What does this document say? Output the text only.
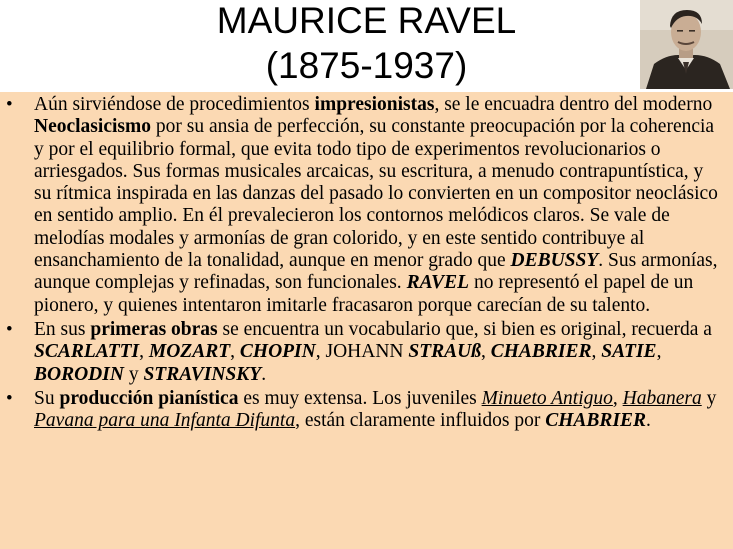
MAURICE RAVEL
(1875-1937)
• Aún sirviéndose de procedimientos impresionistas, se le encuadra dentro del moderno Neoclasicismo por su ansia de perfección, su constante preocupación por la coherencia y por el equilibrio formal, que evita todo tipo de experimentos revolucionarios o arriesgados. Sus formas musicales arcaicas, su escritura, a menudo contrapuntística, y su rítmica inspirada en las danzas del pasado lo convierten en un compositor neoclásico en sentido amplio. En él prevalecieron los contornos melódicos claros. Se vale de melodías modales y armonías de gran colorido, y en este sentido contribuye al ensanchamiento de la tonalidad, aunque en menor grado que DEBUSSY. Sus armonías, aunque complejas y refinadas, son funcionales. RAVEL no representó el papel de un pionero, y quienes intentaron imitarle fracasaron porque carecían de su talento.
• En sus primeras obras se encuentra un vocabulario que, si bien es original, recuerda a SCARLATTI, MOZART, CHOPIN, JOHANN STRAUß, CHABRIER, SATIE, BORODIN y STRAVINSKY.
• Su producción pianística es muy extensa. Los juveniles Minueto Antiguo, Habanera y Pavana para una Infanta Difunta, están claramente influidos por CHABRIER.
